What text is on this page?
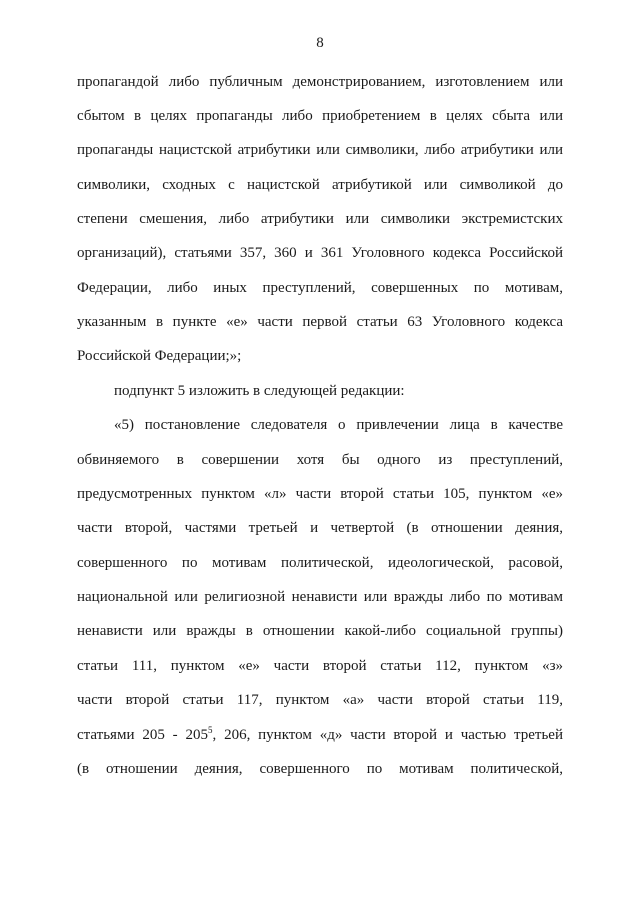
8
пропагандой либо публичным демонстрированием, изготовлением или
сбытом в целях пропаганды либо приобретением в целях сбыта или
пропаганды нацистской атрибутики или символики, либо атрибутики или
символики, сходных с нацистской атрибутикой или символикой до
степени смешения, либо атрибутики или символики экстремистских
организаций), статьями 357, 360 и 361 Уголовного кодекса Российской
Федерации, либо иных преступлений, совершенных по мотивам,
указанным в пункте «е» части первой статьи 63 Уголовного кодекса
Российской Федерации;»;
подпункт 5 изложить в следующей редакции:
«5) постановление следователя о привлечении лица в качестве
обвиняемого в совершении хотя бы одного из преступлений,
предусмотренных пунктом «л» части второй статьи 105, пунктом «е»
части второй, частями третьей и четвертой (в отношении деяния,
совершенного по мотивам политической, идеологической, расовой,
национальной или религиозной ненависти или вражды либо по мотивам
ненависти или вражды в отношении какой-либо социальной группы)
статьи 111, пунктом «е» части второй статьи 112, пунктом «з»
части второй статьи 117, пунктом «а» части второй статьи 119,
статьями $205 - 205^5$, 206, пунктом «д» части второй и частью третьей
(в отношении деяния, совершенного по мотивам политической,
